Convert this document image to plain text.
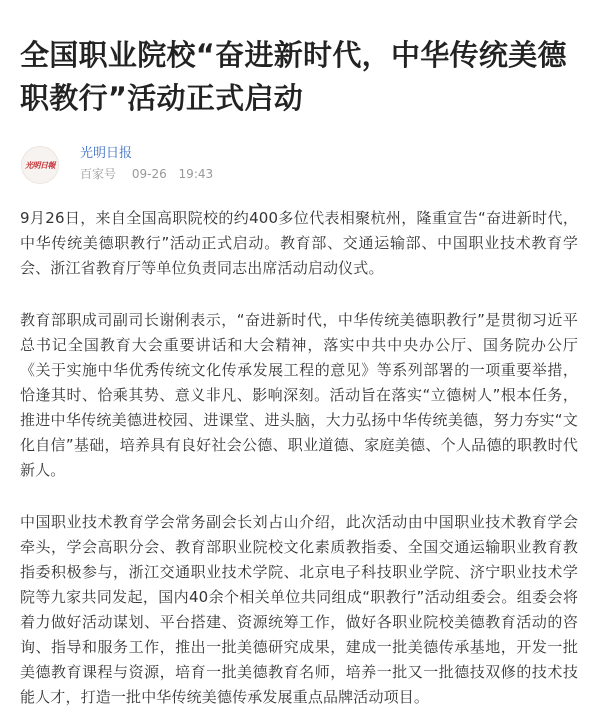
全国职业院校“奋进新时代，中华传统美德职教行”活动正式启动
光明日報
光明日报
百家号 09-26 19:43

9月26日，来自全国高职院校的约400多位代表相聚杭州，隆重宣告“奋进新时代，中华传统美德职教行”活动正式启动。教育部、交通运输部、中国职业技术教育学会、浙江省教育厅等单位负责同志出席活动启动仪式。

教育部职成司副司长谢俐表示，“奋进新时代，中华传统美德职教行”是贯彻习近平总书记全国教育大会重要讲话和大会精神，落实中共中央办公厅、国务院办公厅《关于实施中华优秀传统文化传承发展工程的意见》等系列部署的一项重要举措，恰逢其时、恰乘其势、意义非凡、影响深刻。活动旨在落实“立德树人”根本任务，推进中华传统美德进校园、进课堂、进头脑，大力弘扬中华传统美德，努力夯实“文化自信”基础，培养具有良好社会公德、职业道德、家庭美德、个人品德的职教时代新人。

中国职业技术教育学会常务副会长刘占山介绍，此次活动由中国职业技术教育学会牵头，学会高职分会、教育部职业院校文化素质教指委、全国交通运输职业教育教指委积极参与，浙江交通职业技术学院、北京电子科技职业学院、济宁职业技术学院等九家共同发起，国内40余个相关单位共同组成“职教行”活动组委会。组委会将着力做好活动谋划、平台搭建、资源统筹工作，做好各职业院校美德教育活动的咨询、指导和服务工作，推出一批美德研究成果，建成一批美德传承基地，开发一批美德教育课程与资源，培育一批美德教育名师，培养一批又一批德技双修的技术技能人才，打造一批中华传统美德传承发展重点品牌活动项目。
